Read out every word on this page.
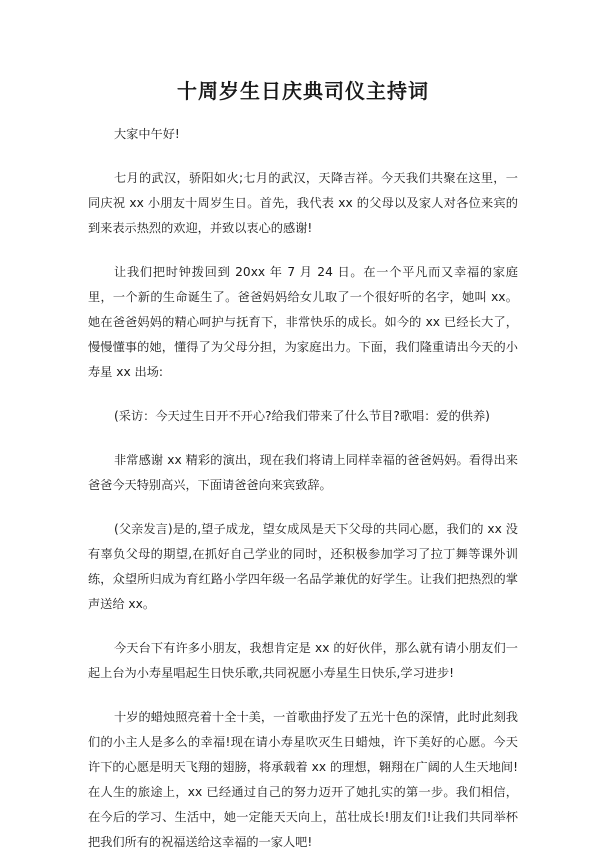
十周岁生日庆典司仪主持词

大家中午好!

七月的武汉，骄阳如火;七月的武汉，天降吉祥。今天我们共聚在这里，一同庆祝 xx 小朋友十周岁生日。首先，我代表 xx 的父母以及家人对各位来宾的到来表示热烈的欢迎，并致以衷心的感谢!

让我们把时钟拨回到 20xx 年 7 月 24 日。在一个平凡而又幸福的家庭里，一个新的生命诞生了。爸爸妈妈给女儿取了一个很好听的名字，她叫 xx。她在爸爸妈妈的精心呵护与抚育下，非常快乐的成长。如今的 xx 已经长大了，慢慢懂事的她，懂得了为父母分担，为家庭出力。下面，我们隆重请出今天的小寿星 xx 出场:

(采访：今天过生日开不开心?给我们带来了什么节目?歌唱：爱的供养)

非常感谢 xx 精彩的演出，现在我们将请上同样幸福的爸爸妈妈。看得出来爸爸今天特别高兴，下面请爸爸向来宾致辞。

(父亲发言)是的,望子成龙，望女成凤是天下父母的共同心愿，我们的 xx 没有辜负父母的期望,在抓好自己学业的同时，还积极参加学习了拉丁舞等课外训练，众望所归成为育红路小学四年级一名品学兼优的好学生。让我们把热烈的掌声送给 xx。

今天台下有许多小朋友，我想肯定是 xx 的好伙伴，那么就有请小朋友们一起上台为小寿星唱起生日快乐歌,共同祝愿小寿星生日快乐,学习进步!

十岁的蜡烛照亮着十全十美，一首歌曲抒发了五光十色的深情，此时此刻我们的小主人是多么的幸福!现在请小寿星吹灭生日蜡烛，许下美好的心愿。今天许下的心愿是明天飞翔的翅膀，将承载着 xx 的理想，翱翔在广阔的人生天地间!在人生的旅途上，xx 已经通过自己的努力迈开了她扎实的第一步。我们相信，在今后的学习、生活中，她一定能天天向上，茁壮成长!朋友们!让我们共同举杯把我们所有的祝福送给这幸福的一家人吧!
